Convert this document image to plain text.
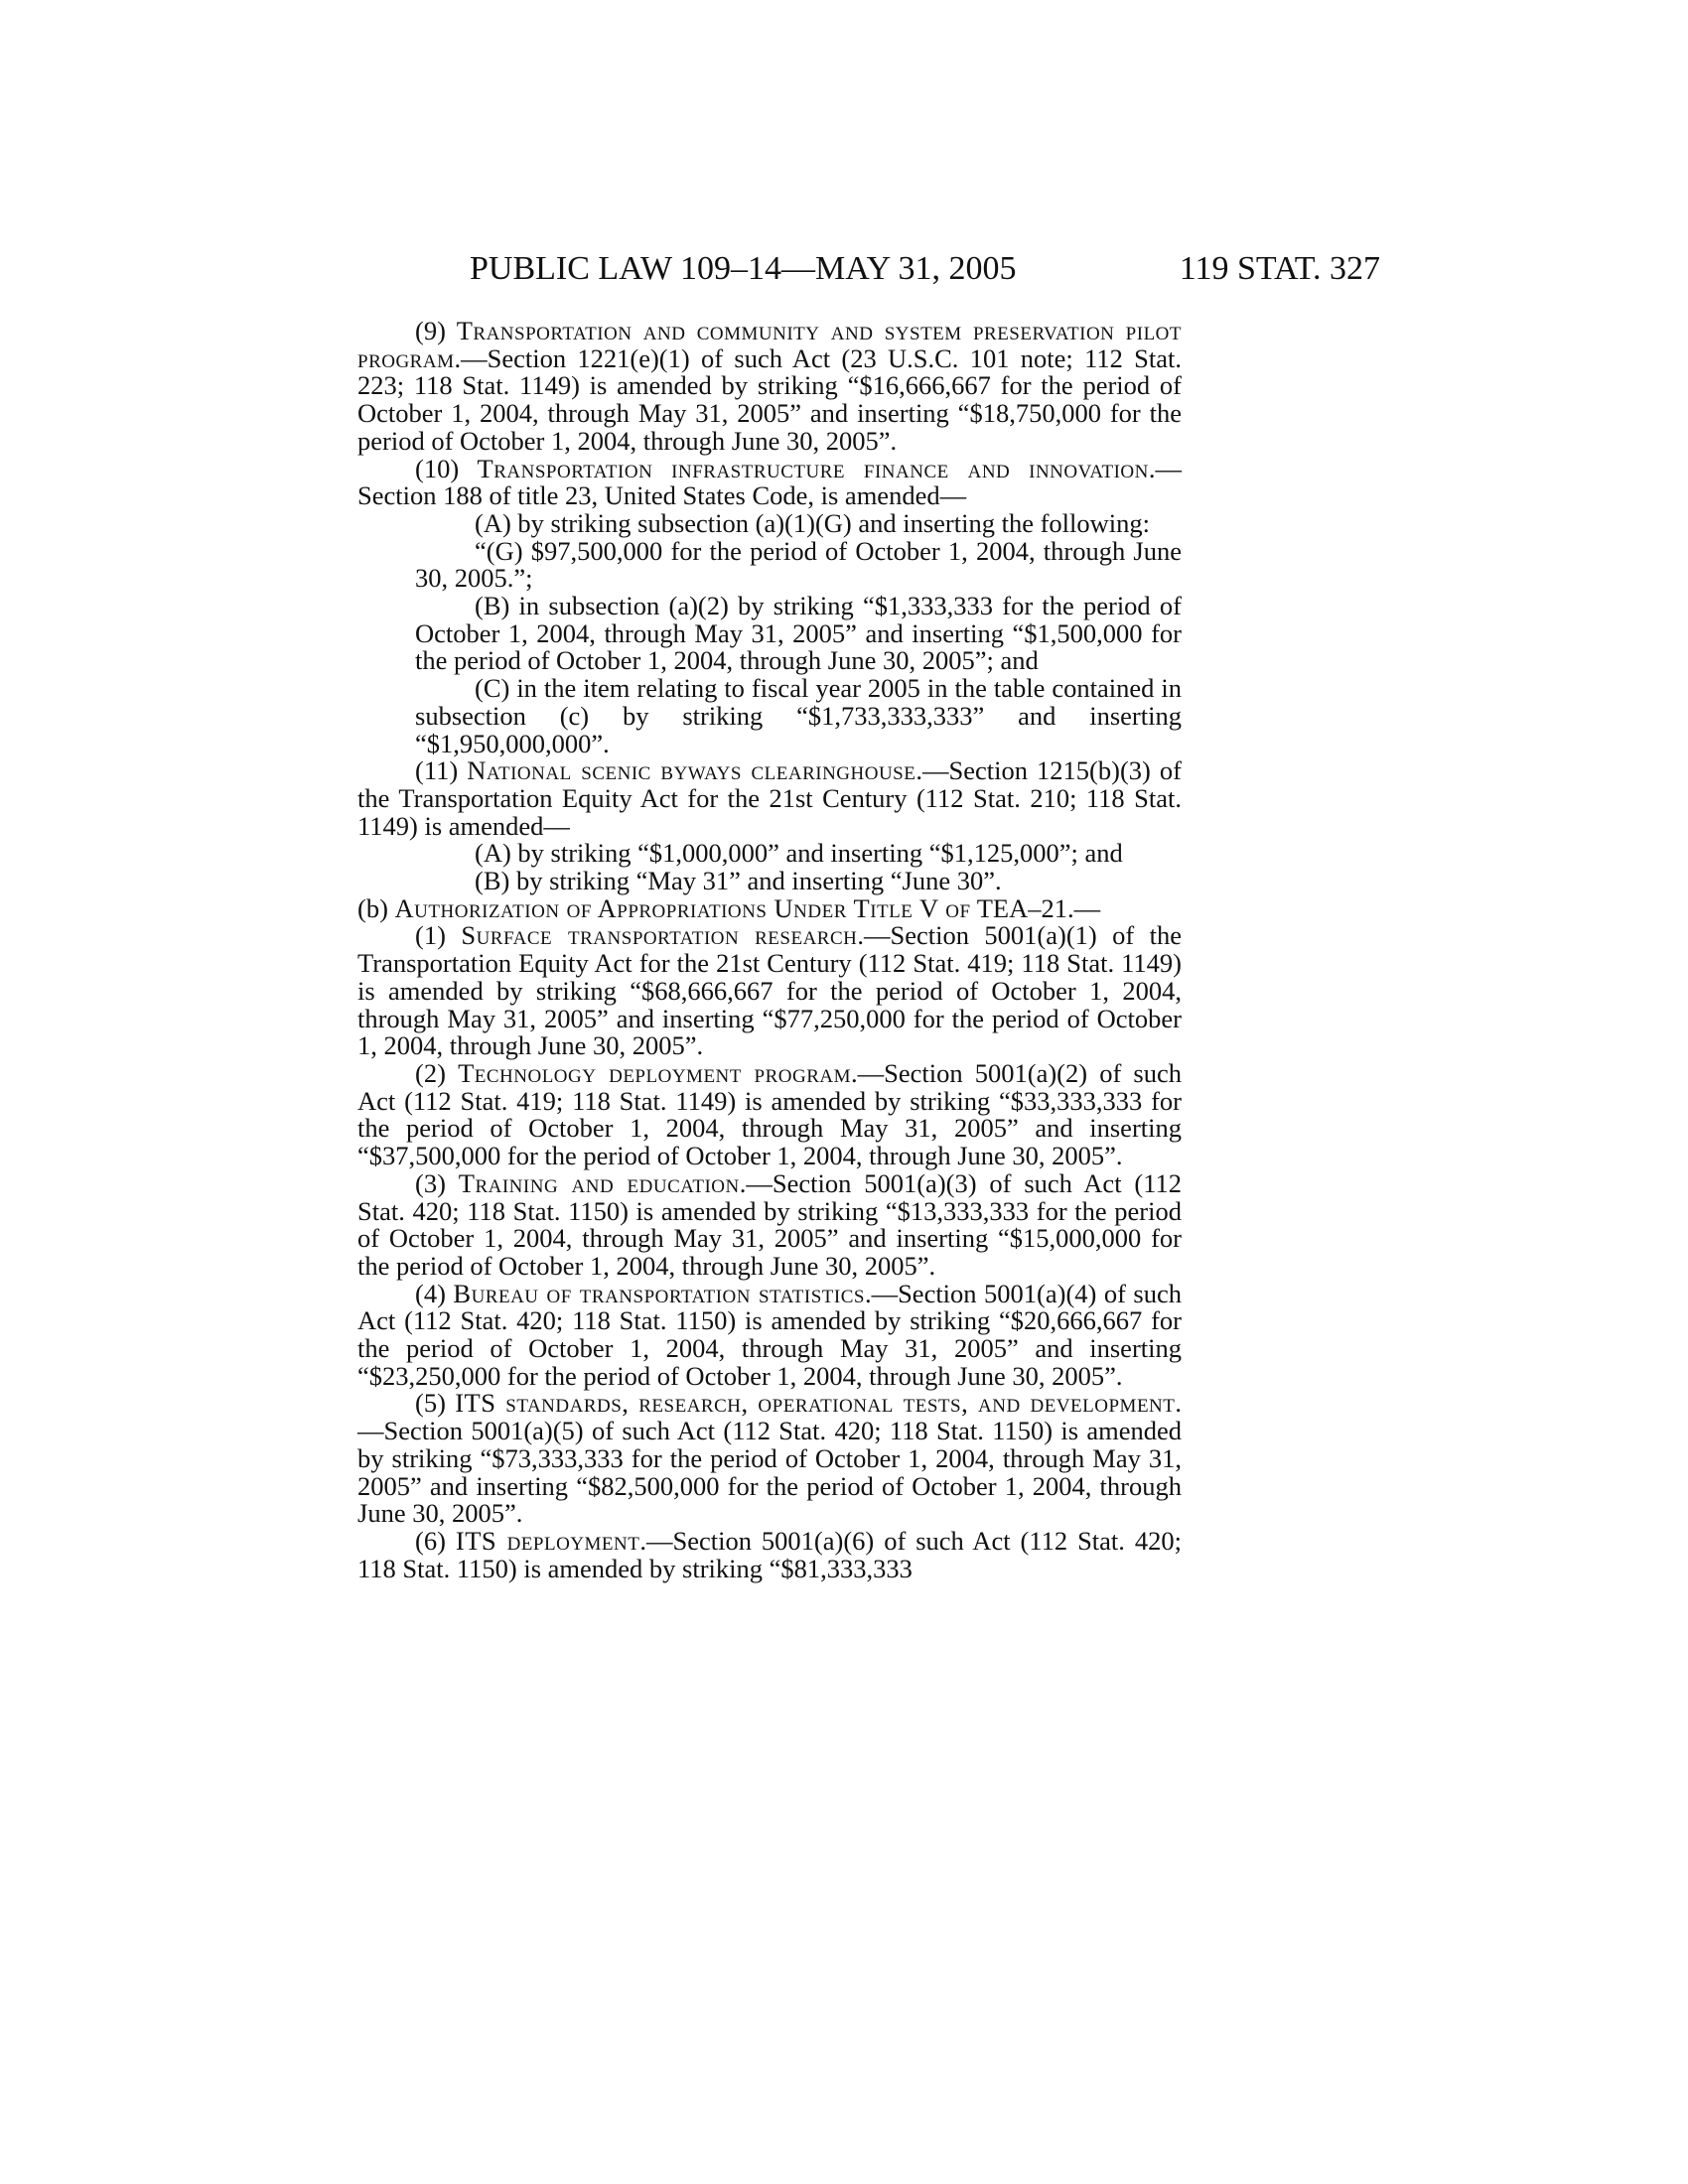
PUBLIC LAW 109–14—MAY 31, 2005	119 STAT. 327

(9) Transportation and community and system preservation pilot program.—Section 1221(e)(1) of such Act (23 U.S.C. 101 note; 112 Stat. 223; 118 Stat. 1149) is amended by striking “$16,666,667 for the period of October 1, 2004, through May 31, 2005” and inserting “$18,750,000 for the period of October 1, 2004, through June 30, 2005”.

(10) Transportation infrastructure finance and innovation.—Section 188 of title 23, United States Code, is amended—

(A) by striking subsection (a)(1)(G) and inserting the following:

“(G) $97,500,000 for the period of October 1, 2004, through June 30, 2005.”;

(B) in subsection (a)(2) by striking “$1,333,333 for the period of October 1, 2004, through May 31, 2005” and inserting “$1,500,000 for the period of October 1, 2004, through June 30, 2005”; and

(C) in the item relating to fiscal year 2005 in the table contained in subsection (c) by striking “$1,733,333,333” and inserting “$1,950,000,000”.

(11) National scenic byways clearinghouse.—Section 1215(b)(3) of the Transportation Equity Act for the 21st Century (112 Stat. 210; 118 Stat. 1149) is amended—

(A) by striking “$1,000,000” and inserting “$1,125,000”; and

(B) by striking “May 31” and inserting “June 30”.

(b) Authorization of Appropriations Under Title V of TEA–21.—

(1) Surface transportation research.—Section 5001(a)(1) of the Transportation Equity Act for the 21st Century (112 Stat. 419; 118 Stat. 1149) is amended by striking “$68,666,667 for the period of October 1, 2004, through May 31, 2005” and inserting “$77,250,000 for the period of October 1, 2004, through June 30, 2005”.

(2) Technology deployment program.—Section 5001(a)(2) of such Act (112 Stat. 419; 118 Stat. 1149) is amended by striking “$33,333,333 for the period of October 1, 2004, through May 31, 2005” and inserting “$37,500,000 for the period of October 1, 2004, through June 30, 2005”.

(3) Training and education.—Section 5001(a)(3) of such Act (112 Stat. 420; 118 Stat. 1150) is amended by striking “$13,333,333 for the period of October 1, 2004, through May 31, 2005” and inserting “$15,000,000 for the period of October 1, 2004, through June 30, 2005”.

(4) Bureau of transportation statistics.—Section 5001(a)(4) of such Act (112 Stat. 420; 118 Stat. 1150) is amended by striking “$20,666,667 for the period of October 1, 2004, through May 31, 2005” and inserting “$23,250,000 for the period of October 1, 2004, through June 30, 2005”.

(5) ITS standards, research, operational tests, and development.—Section 5001(a)(5) of such Act (112 Stat. 420; 118 Stat. 1150) is amended by striking “$73,333,333 for the period of October 1, 2004, through May 31, 2005” and inserting “$82,500,000 for the period of October 1, 2004, through June 30, 2005”.

(6) ITS deployment.—Section 5001(a)(6) of such Act (112 Stat. 420; 118 Stat. 1150) is amended by striking “$81,333,333
